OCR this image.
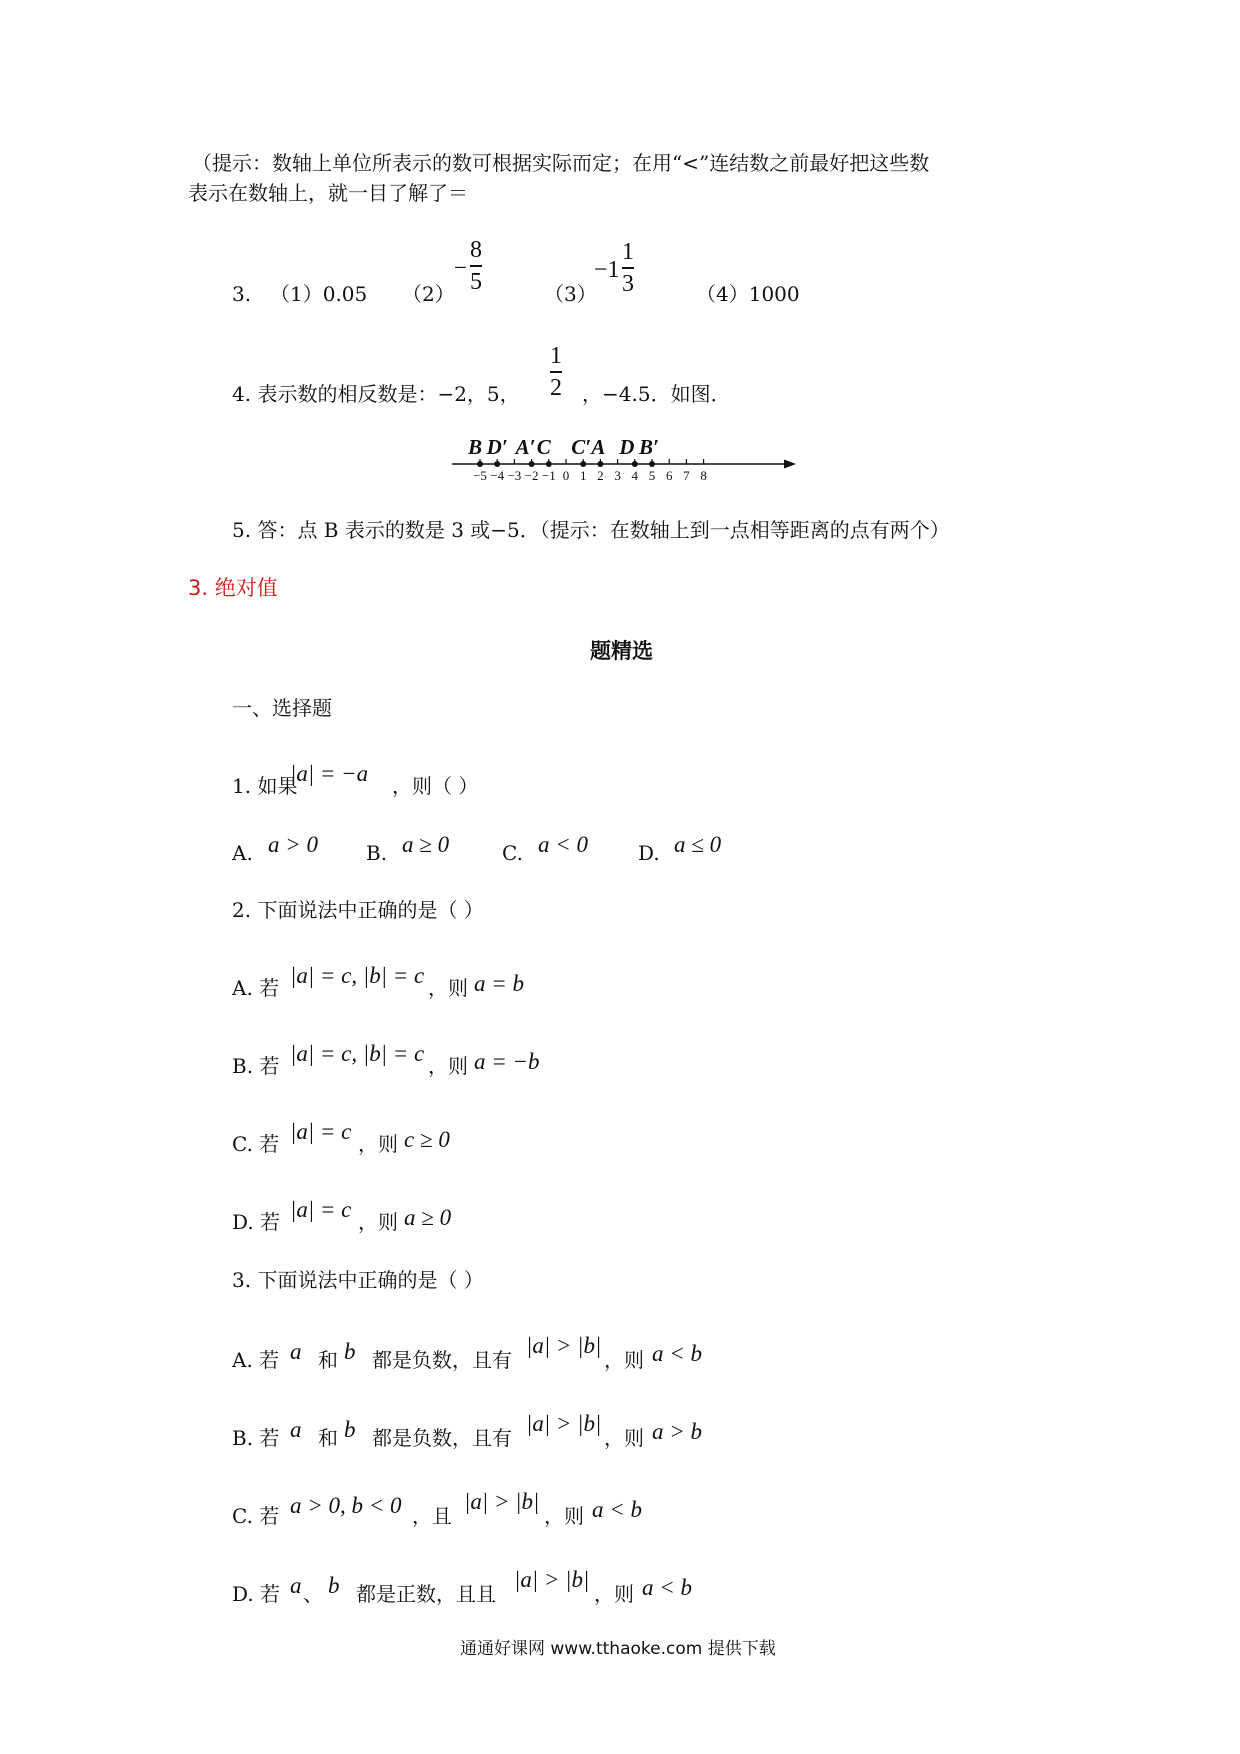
（提示：数轴上单位所表示的数可根据实际而定；在用“<”连结数之前最好把这些数
表示在数轴上，就一目了解了＝
3. （1）0.05 （2）
−
8
5	（3）
−1
1
3	（4）1000
4. 表示数的相反数是：−2，5，
1
2 ，−4.5．如图．
−5 −4 −3 −2 −1 0 1 2 3 4 5 6 7 8
B D′ A′ C C′ A D B′
5. 答：点 B 表示的数是 3 或−5．（提示：在数轴上到一点相等距离的点有两个）
3. 绝对值
题精选
一、选择题
1. 如果
|a| = −a ，则（ ）
A. a > 0 B. a ≥ 0	C. a < 0 D. a ≤ 0
2. 下面说法中正确的是（ ）
A. 若 |a| = c, |b| = c ，则 a = b
B. 若 |a| = c, |b| = c ，则 a = −b
C. 若 |a| = c ，则 c ≥ 0
D. 若 |a| = c ，则 a ≥ 0
3. 下面说法中正确的是（ ）
A. 若 a 和 b 都是负数，且有
|a| > |b|
，则 a < b
B. 若 a 和 b 都是负数，且有
|a| > |b|
，则 a > b
C. 若 a > 0, b < 0 ，且
|a| > |b|
，则 a < b
D. 若 a 、 b 都是正数，且且
|a| > |b|
，则 a < b
通通好课网 www.tthaoke.com 提供下载
